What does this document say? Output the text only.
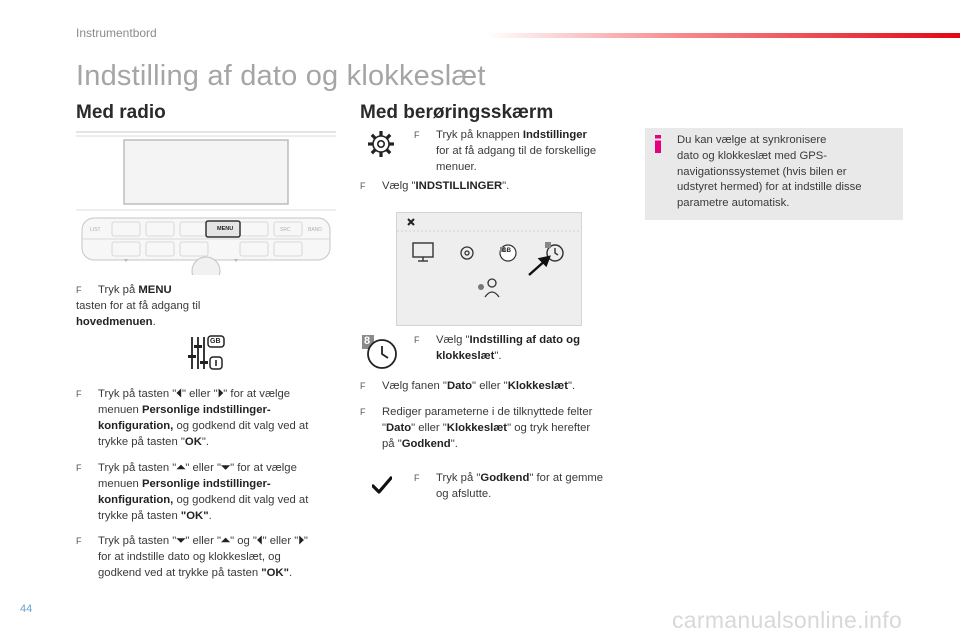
Instrumentbord
Indstilling af dato og klokkeslæt
Med radio
LIST	MENU	BAND
SRC
F	Tryk på MENU
tasten for at få adgang til
hovedmenuen.
GB
F	Tryk på tasten "⏴" eller "⏵" for at vælge
menuen Personlige indstillinger-
konfiguration, og godkend dit valg ved at
trykke på tasten "OK".
F	Tryk på tasten "⏶" eller "⏷" for at vælge
menuen Personlige indstillinger-
konfiguration, og godkend dit valg ved at
trykke på tasten "OK".
F	Tryk på tasten "⏷" eller "⏶" og "⏴" eller "⏵"
for at indstille dato og klokkeslæt, og
godkend ved at trykke på tasten "OK".
Med berøringsskærm
F	Tryk på knappen Indstillinger
for at få adgang til de forskellige
menuer.
F	Vælg "INDSTILLINGER".
GB
8	F	Vælg "Indstilling af dato og
klokkeslæt".
F	Vælg fanen "Dato" eller "Klokkeslæt".
F	Rediger parameterne i de tilknyttede felter
"Dato" eller "Klokkeslæt" og tryk herefter
på "Godkend".
F	Tryk på "Godkend" for at gemme
og afslutte.
Du kan vælge at synkronisere
dato og klokkeslæt med GPS-
navigationssystemet (hvis bilen er
udstyret hermed) for at indstille disse
parametre automatisk.
44	carmanualsonline.info
